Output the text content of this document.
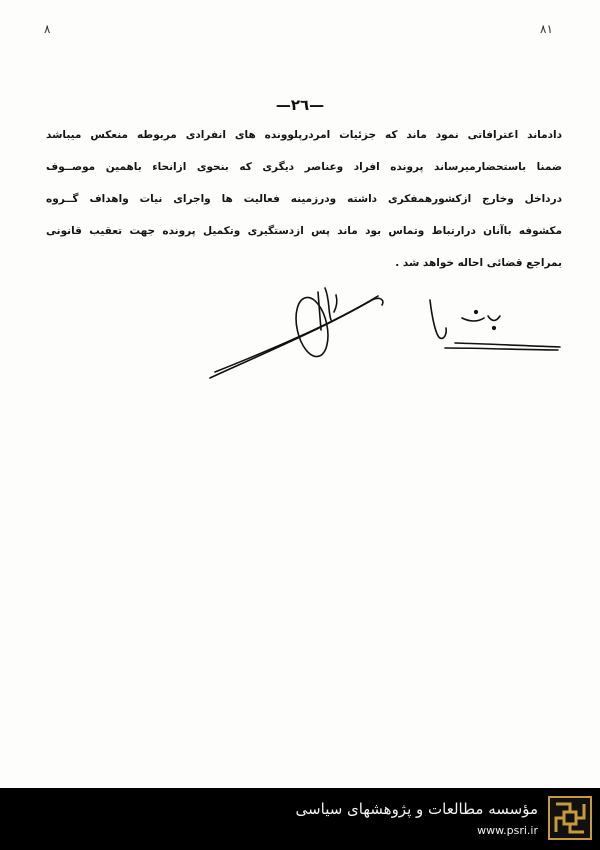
٨	٨١
—٢٦—
دادماند اعترافاتی نمود ماند که جزئیات امردرپلوونده های انفرادی مربوطه منعکس میباشد
ضمنا باستحضارمیرساند پرونده افراد وعناصر دیگری که بنحوی ازانحاء باهمین موصــوف
درداخل وخارج ازکشورهمفکری داشته ودرزمینه فعالیت ها واجرای نیات واهداف گــروه
مکشوفه باآنان درارتباط وتماس بود ماند پس ازدستگیری وتکمیل پرونده جهت تعقیب قانونی
بمراجع قضائی احاله خواهد شد .
مؤسسه مطالعات و پژوهشهای سیاسی
www.psri.ir
